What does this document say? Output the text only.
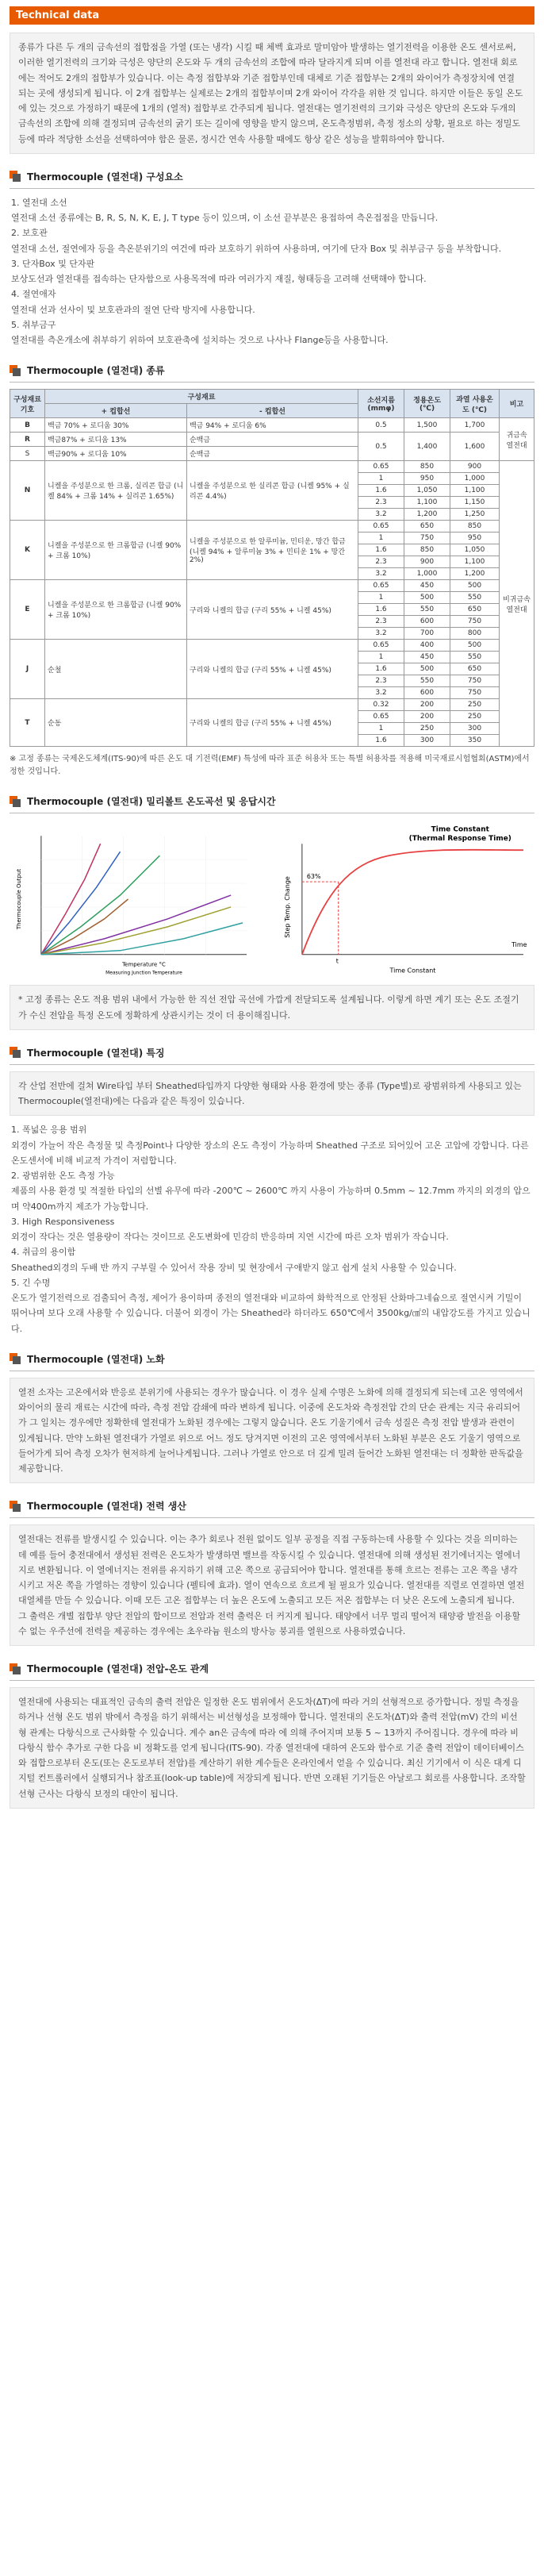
Technical data
종류가 다른 두 개의 금속선의 접합점을 가열 (또는 냉각) 시킬 때 체벡 효과로 말미암아 발생하는 열기전력을 이용한 온도 센서로써, 이러한 열기전력의 크기와 극성은 양단의 온도와 두 개의 금속선의 조합에 따라 달라지게 되며 이를 열전대 라고 합니다. 열전대 회로에는 적어도 2개의 접합부가 있습니다. 이는 측정 접합부와 기준 접합부인데 대체로 기준 접합부는 2개의 와이어가 측정장치에 연결 되는 곳에 생성되게 됩니다. 이 2개 접합부는 실제로는 2개의 접합부이며 2개 와이어 각각을 위한 것 입니다. 하지만 이들은 동일 온도에 있는 것으로 가정하기 때문에 1개의 (열적) 접합부로 간주되게 됩니다. 열전대는 열기전력의 크기와 극성은 양단의 온도와 두개의 금속선의 조합에 의해 결정되며 금속선의 굵기 또는 길이에 영향을 받지 않으며, 온도측정범위, 측정 정소의 상황, 필요로 하는 정밀도 등에 따라 적당한 소선을 선택하여야 함은 물론, 정시간 연속 사용할 때에도 항상 같은 성능을 발휘하여야 합니다.
Thermocouple (열전대) 구성요소

1. 열전대 소선

열전대 소선 종류에는 B, R, S, N, K, E, J, T type 등이 있으며, 이 소선 끝부분은 용접하여 측온접점을 만듭니다.

2. 보호관

열전대 소선, 절연에자 등을 측온분위기의 여건에 따라 보호하기 위하여 사용하며, 여기에 단자 Box 및 취부금구 등을 부착합니다.

3. 단자Box 및 단자판

보상도선과 열전대를 접속하는 단자함으로 사용목적에 따라 여러가지 재질, 형태등을 고려해 선택해야 합니다.

4. 절연애자

열전대 선과 선사이 및 보호관과의 절연 단락 방지에 사용합니다.

5. 취부금구

열전대를 측온개소에 취부하기 위하여 보호관축에 설치하는 것으로 나사나 Flange등을 사용합니다.

Thermocouple (열전대) 종류
구성재료 기호	구성재료		소선지름 (mmφ)	정용온도 (℃)	과열 사용온도 (℃)	비고
	+ 컵합선	- 컵합선				
B	백금 70% + 로디움 30%	백금 94% + 로디움 6%	0.5	1,500	1,700	귀금속 열전대
R	백금87% + 로디움 13%	순백금	0.5	1,400	1,600	
S	백금90% + 로디움 10%	순백금				
N	니켈을 주성분으로 한 크롬, 실리콘 합금 (니켈 84% + 크롬 14% + 실리콘 1.65%)	니켈을 주성분으로 한 실리콘 합금 (니켈 95% + 실리콘 4.4%)	0.65	850	900	비귀금속 열전대
			1	950	1,000	
			1.6	1,050	1,100	
			2.3	1,100	1,150	
			3.2	1,200	1,250	
K	니켈을 주성분으로 한 크롬합금 (니켈 90% + 크롬 10%)	니켈을 주성분으로 한 알루미늄, 민티운, 망간 합금 (니켈 94% + 알루미늄 3% + 민티운 1% + 망간 2%)	0.65	650	850	
			1	750	950	
			1.6	850	1,050	
			2.3	900	1,100	
			3.2	1,000	1,200	
E	니켈을 주성분으로 한 크롬합금 (니켈 90% + 크롬 10%)	구리와 니켈의 합금 (구리 55% + 니켈 45%)	0.65	450	500	
			1	500	550	
			1.6	550	650	
			2.3	600	750	
			3.2	700	800	
J	순철	구리와 니켈의 합금 (구리 55% + 니켈 45%)	0.65	400	500	
			1	450	550	
			1.6	500	650	
			2.3	550	750	
			3.2	600	750	
T	순동	구리와 니켈의 합금 (구리 55% + 니켈 45%)	0.32	200	250	
			0.65	200	250	
			1	250	300	
			1.6	300	350	
※ 고정 종류는 국제온도체계(ITS-90)에 따른 온도 대 기전력(EMF) 특성에 따라 표준 허용차 또는 특별 허용차를 적용해 미국재료시험협회(ASTM)에서 정한 것입니다.
Thermocouple (열전대) 밀리볼트 온도곡선 및 응답시간
Thermocouple Output
Temperature °C
Measuring Junction Temperature
Time Constant
(Thermal Response Time)
63%
t
Step Temp. Change
Time Constant
Time
* 고정 종류는 온도 적용 범위 내에서 가능한 한 직선 전압 곡선에 가깝게 전달되도록 설계됩니다. 이렇게 하면 계기 또는 온도 조절기가 수신 전압을 특정 온도에 정확하게 상관시키는 것이 더 용이해집니다.
Thermocouple (열전대) 특징
각 산업 전반에 걸쳐 Wire타입 부터 Sheathed타입까지 다양한 형태와 사용 환경에 맞는 종류 (Type별)로 광범위하게 사용되고 있는 Thermocouple(열전대)에는 다음과 같은 특징이 있습니다.

1. 폭넓은 응용 범위

외경이 가늘어 작은 측정물 및 측정Point나 다양한 장소의 온도 측정이 가능하며 Sheathed 구조로 되어있어 고온 고압에 강합니다. 다른 온도센서에 비해 비교적 가격이 저렴합니다.

2. 광범위한 온도 측정 가능

제품의 사용 환경 및 적절한 타입의 선별 유무에 따라 -200℃ ~ 2600℃ 까지 사용이 가능하며 0.5mm ~ 12.7mm 까지의 외경의 압으며 약400m까지 제조가 가능합니다.

3. High Responsiveness

외경이 작다는 것은 열용량이 작다는 것이므로 온도변화에 민감히 반응하며 지연 시간에 따른 오차 범위가 작습니다.

4. 취급의 용이함

Sheathed외경의 두배 반 까지 구부릴 수 있어서 작용 장비 및 현장에서 구애받지 않고 쉽게 설치 사용할 수 있습니다.

5. 긴 수명

온도가 열기전력으로 검출되어 측정, 제어가 용이하며 종전의 열전대와 비교하여 화학적으로 안정된 산화마그네슘으로 절연시켜 기밀이 뛰어나며 보다 오래 사용할 수 있습니다. 더불어 외경이 가는 Sheathed라 하더라도 650℃에서 3500kg/㎠의 내압강도를 가지고 있습니다.

Thermocouple (열전대) 노화
열전 소자는 고온에서와 반응로 분위기에 사용되는 경우가 많습니다. 이 경우 실제 수명은 노화에 의해 결정되게 되는데 고온 영역에서 와이어의 물리 재료는 시간에 따라, 측정 전압 감쇄에 따라 변하게 됩니다. 이중에 온도차와 측정전압 간의 단순 관계는 지극 유리되어가 그 일치는 경우에만 정확한데 열전대가 노화된 경우에는 그렇지 않습니다. 온도 기울기에서 금속 성질은 측정 전압 발생과 관련이 있게됩니다. 만약 노화된 열전대가 가열로 위으로 어느 정도 당겨지면 이전의 고온 영역에서부터 노화된 부분은 온도 기울기 영역으로 들어가게 되어 측정 오차가 현저하게 늘어나게됩니다. 그러나 가열로 안으로 더 깊게 밀려 들어간 노화된 열전대는 더 정확한 판독값을 제공합니다.
Thermocouple (열전대) 전력 생산
열전대는 전류를 발생시킬 수 있습니다. 이는 추가 회로나 전원 없이도 일부 공정을 직접 구동하는데 사용할 수 있다는 것을 의미하는데 예를 들어 충전대에서 생성된 전력은 온도차가 발생하면 밸브를 작동시킬 수 있습니다. 열전대에 의해 생성된 전기에너지는 열에너지로 변환됩니다. 이 열에너지는 전위를 유지하기 위해 고온 쪽으로 공급되어야 합니다. 열전대를 통해 흐르는 전류는 고온 쪽을 냉각시키고 저온 쪽을 가열하는 경향이 있습니다 (펠티에 효과). 열이 연속으로 흐르게 될 필요가 있습니다. 열전대를 직렬로 연결하면 열전대열체를 만들 수 있습니다. 이때 모든 고온 접합부는 더 높은 온도에 노출되고 모든 저온 접합부는 더 낮은 온도에 노출되게 됩니다. 그 출력은 개별 접합부 양단 전압의 합이므로 전압과 전력 출력은 더 커지게 됩니다. 태양에서 너무 멀리 떨어져 태양광 발전을 이용할 수 없는 우주선에 전력을 제공하는 경우에는 초우라늄 원소의 방사능 붕괴를 열원으로 사용하였습니다.
Thermocouple (열전대) 전압-온도 관계
열전대에 사용되는 대표적인 금속의 출력 전압은 일정한 온도 범위에서 온도차(ΔT)에 따라 거의 선형적으로 증가합니다. 정밀 측정을 하거나 선형 온도 범위 밖에서 측정을 하기 위해서는 비선형성을 보정해야 합니다. 열전대의 온도차(ΔT)와 출력 전압(mV) 간의 비선형 관계는 다항식으로 근사화할 수 있습니다. 계수 an은 금속에 따라 에 의해 주어지며 보통 5 ~ 13까지 주어집니다. 경우에 따라 비다항식 함수 추가로 구한 다음 비 정확도를 얻게 됩니다(ITS-90). 각종 열전대에 대하여 온도와 함수로 기준 출력 전압이 데이터베이스와 접합으로부터 온도(또는 온도로부터 전압)를 계산하기 위한 계수들은 온라인에서 얻을 수 있습니다. 최신 기기에서 이 식은 대게 디지털 컨트롤러에서 실행되거나 참조표(look-up table)에 저장되게 됩니다. 반면 오래된 기기들은 아날로그 회로를 사용합니다. 조작할 선형 근사는 다항식 보정의 대안이 됩니다.
